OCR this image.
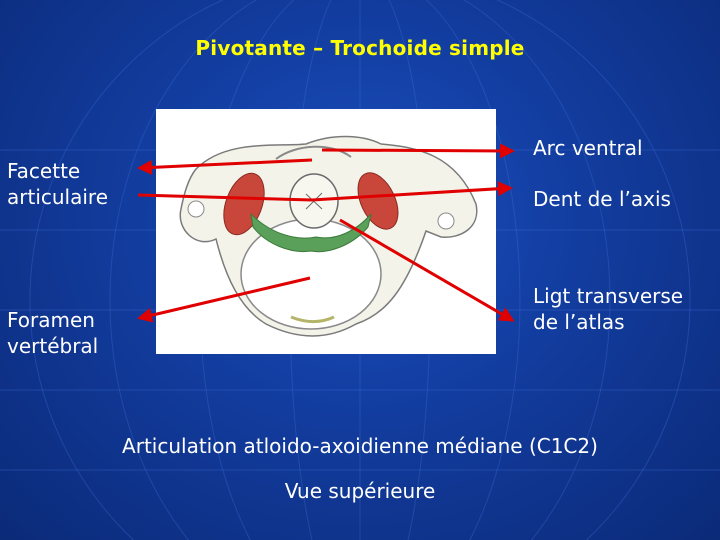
Pivotante – Trochoide simple
Facette
articulaire
Foramen
vertébral
Arc ventral
Dent de l’axis
Ligt transverse
de l’atlas
Articulation atloido-axoidienne médiane (C1C2)
Vue supérieure
